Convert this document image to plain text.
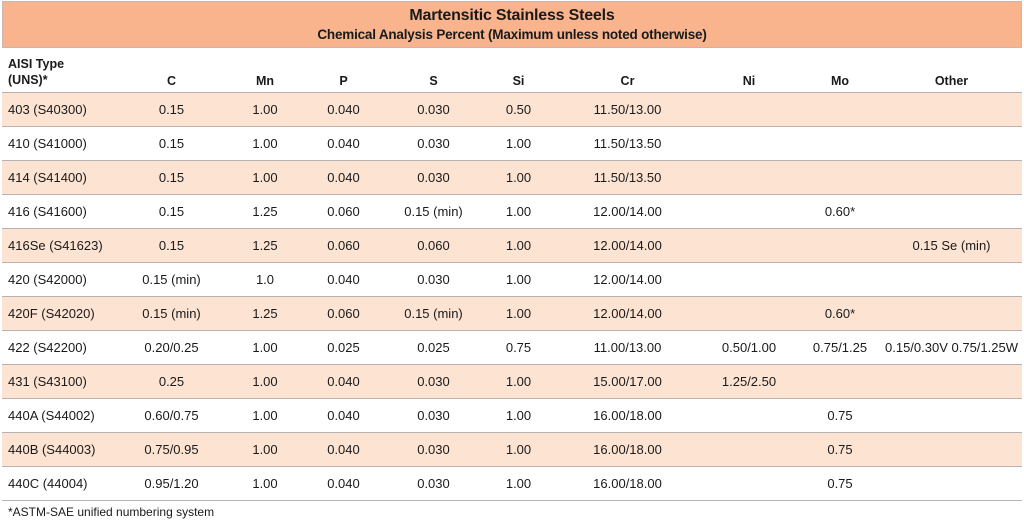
Martensitic Stainless Steels
Chemical Analysis Percent (Maximum unless noted otherwise)
AISI Type
(UNS)*	C	Mn	P	S	Si	Cr	Ni	Mo	Other
403 (S40300)	0.15	1.00	0.040	0.030	0.50	11.50/13.00			
410 (S41000)	0.15	1.00	0.040	0.030	1.00	11.50/13.50			
414 (S41400)	0.15	1.00	0.040	0.030	1.00	11.50/13.50			
416 (S41600)	0.15	1.25	0.060	0.15 (min)	1.00	12.00/14.00		0.60*	
416Se (S41623)	0.15	1.25	0.060	0.060	1.00	12.00/14.00			0.15 Se (min)
420 (S42000)	0.15 (min)	1.0	0.040	0.030	1.00	12.00/14.00			
420F (S42020)	0.15 (min)	1.25	0.060	0.15 (min)	1.00	12.00/14.00		0.60*	
422 (S42200)	0.20/0.25	1.00	0.025	0.025	0.75	11.00/13.00	0.50/1.00	0.75/1.25	0.15/0.30V 0.75/1.25W
431 (S43100)	0.25	1.00	0.040	0.030	1.00	15.00/17.00	1.25/2.50		
440A (S44002)	0.60/0.75	1.00	0.040	0.030	1.00	16.00/18.00		0.75	
440B (S44003)	0.75/0.95	1.00	0.040	0.030	1.00	16.00/18.00		0.75	
440C (44004)	0.95/1.20	1.00	0.040	0.030	1.00	16.00/18.00		0.75	
*ASTM-SAE unified numbering system
